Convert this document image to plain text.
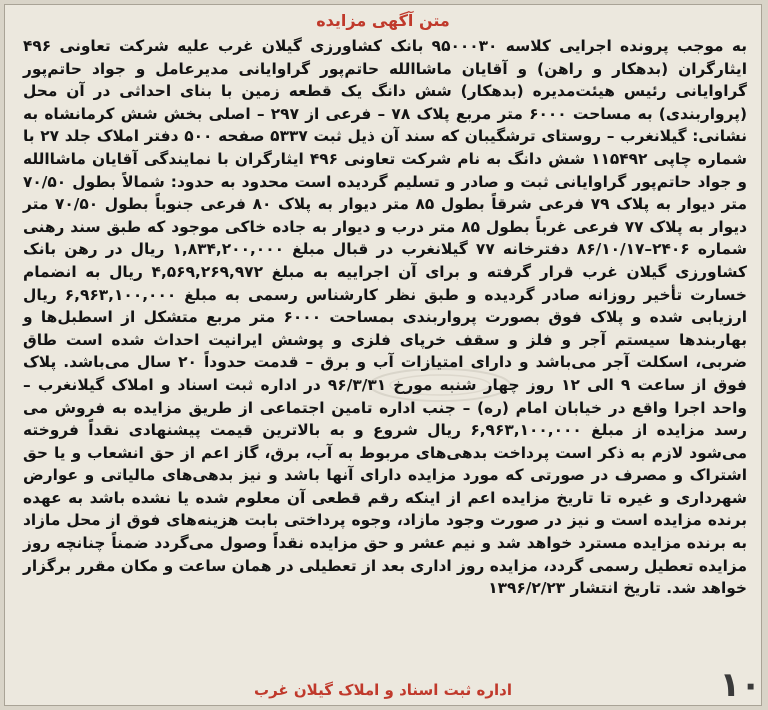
متن آگهی مزایده
به موجب پرونده اجرایی کلاسه ۹۵۰۰۰۳۰ بانک کشاورزی گیلان غرب علیه شرکت تعاونی ۴۹۶ ایثارگران (بدهکار و راهن) و آقایان ماشاالله حاتم‌پور گراوایانی مدیرعامل و جواد حاتم‌پور گراوایانی رئیس هیئت‌مدیره (بدهکار) شش دانگ یک قطعه زمین با بنای احداثی در آن محل (پرواربندی) به مساحت ۶۰۰۰ متر مربع پلاک ۷۸ – فرعی از ۲۹۷ – اصلی بخش شش کرمانشاه به نشانی: گیلانغرب – روستای ترشگیبان که سند آن ذیل ثبت ۵۳۳۷ صفحه ۵۰۰ دفتر املاک جلد ۲۷ با شماره چاپی ۱۱۵۴۹۲ شش دانگ به نام شرکت تعاونی ۴۹۶ ایثارگران با نمایندگی آقایان ماشاالله و جواد حاتم‌پور گراوایانی ثبت و صادر و تسلیم گردیده است محدود به حدود: شمالاً بطول ۷۰/۵۰ متر دیوار به پلاک ۷۹ فرعی شرقاً بطول ۸۵ متر دیوار به پلاک ۸۰ فرعی جنوباً بطول ۷۰/۵۰ متر دیوار به پلاک ۷۷ فرعی غرباً بطول ۸۵ متر درب و دیوار به جاده خاکی موجود که طبق سند رهنی شماره ۲۴۰۶–۸۶/۱۰/۱۷ دفترخانه ۷۷ گیلانغرب در قبال مبلغ ۱,۸۳۴,۲۰۰,۰۰۰ ریال در رهن بانک کشاورزی گیلان غرب قرار گرفته و برای آن اجراییه به مبلغ ۴,۵۶۹,۲۶۹,۹۷۲ ریال به انضمام خسارت تأخیر روزانه صادر گردیده و طبق نظر کارشناس رسمی به مبلغ ۶,۹۶۳,۱۰۰,۰۰۰ ریال ارزیابی شده و پلاک فوق بصورت پرواربندی بمساحت ۶۰۰۰ متر مربع متشکل از اسطبل‌ها و بهاربندها سیستم آجر و فلز و سقف خرپای فلزی و پوشش ایرانیت احداث شده است طاق ضربی، اسکلت آجر می‌باشد و دارای امتیازات آب و برق – قدمت حدوداً ۲۰ سال می‌باشد. پلاک فوق از ساعت ۹ الی ۱۲ روز چهار شنبه مورخ ۹۶/۳/۳۱ در اداره ثبت اسناد و املاک گیلانغرب – واحد اجرا واقع در خیابان امام (ره) – جنب اداره تامین اجتماعی از طریق مزایده به فروش می رسد مزایده از مبلغ ۶,۹۶۳,۱۰۰,۰۰۰ ریال شروع و به بالاترین قیمت پیشنهادی نقداً فروخته می‌شود لازم به ذکر است پرداخت بدهی‌های مربوط به آب، برق، گاز اعم از حق انشعاب و یا حق اشتراک و مصرف در صورتی که مورد مزایده دارای آنها باشد و نیز بدهی‌های مالیاتی و عوارض شهرداری و غیره تا تاریخ مزایده اعم از اینکه رقم قطعی آن معلوم شده یا نشده باشد به عهده برنده مزایده است و نیز در صورت وجود مازاد، وجوه پرداختی بابت هزینه‌های فوق از محل مازاد به برنده مزایده مسترد خواهد شد و نیم عشر و حق مزایده نقداً وصول می‌گردد ضمناً چنانچه روز مزایده تعطیل رسمی گردد، مزایده روز اداری بعد از تعطیلی در همان ساعت و مکان مقرر برگزار خواهد شد. تاریخ انتشار ۱۳۹۶/۲/۲۳
اداره ثبت اسناد و املاک گیلان غرب	۱۰
